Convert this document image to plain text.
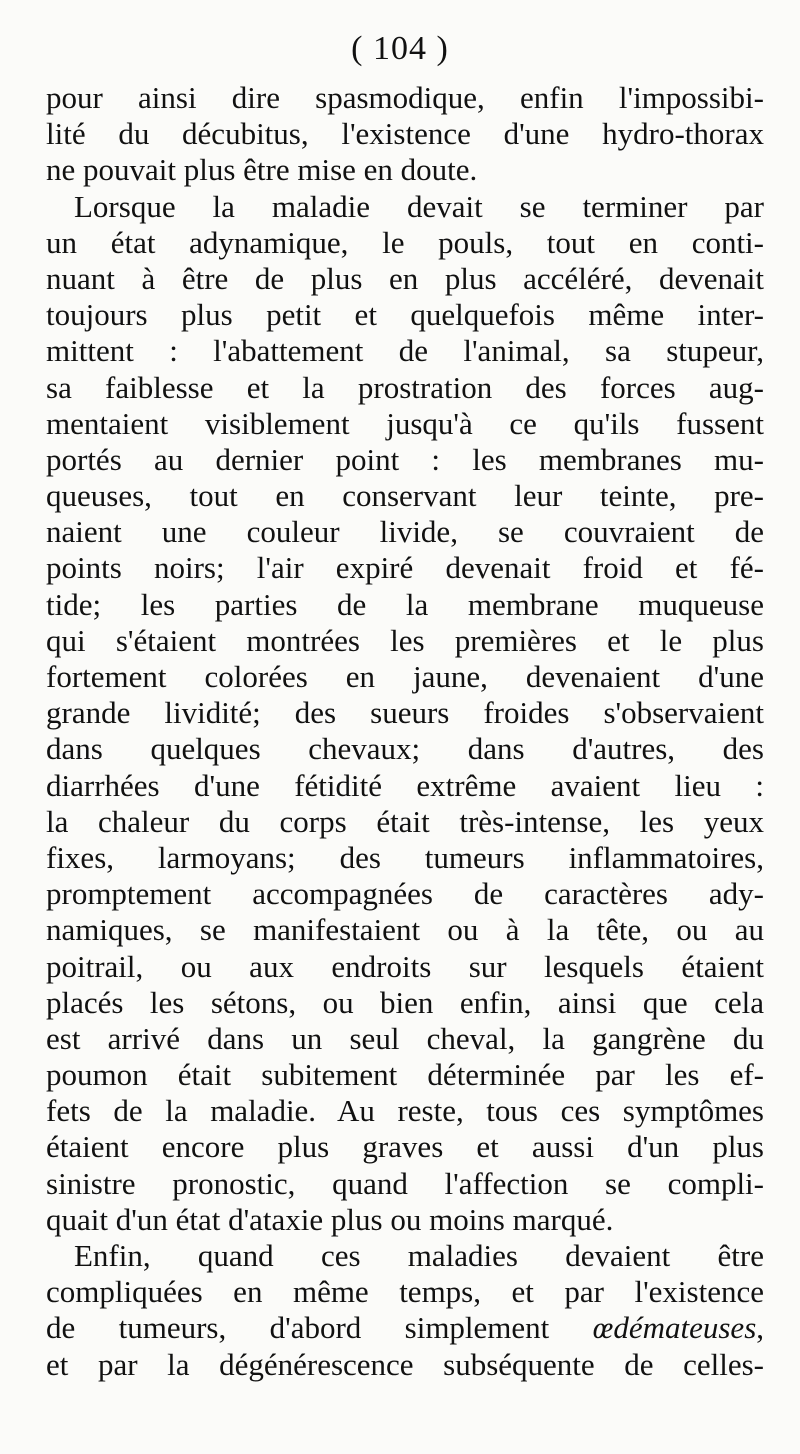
( 104 )
pour ainsi dire spasmodique, enfin l'impossibi-
lité du décubitus, l'existence d'une hydro-thorax
ne pouvait plus être mise en doute.
Lorsque la maladie devait se terminer par
un état adynamique, le pouls, tout en conti-
nuant à être de plus en plus accéléré, devenait
toujours plus petit et quelquefois même inter-
mittent : l'abattement de l'animal, sa stupeur,
sa faiblesse et la prostration des forces aug-
mentaient visiblement jusqu'à ce qu'ils fussent
portés au dernier point : les membranes mu-
queuses, tout en conservant leur teinte, pre-
naient une couleur livide, se couvraient de
points noirs; l'air expiré devenait froid et fé-
tide; les parties de la membrane muqueuse
qui s'étaient montrées les premières et le plus
fortement colorées en jaune, devenaient d'une
grande lividité; des sueurs froides s'observaient
dans quelques chevaux; dans d'autres, des
diarrhées d'une fétidité extrême avaient lieu :
la chaleur du corps était très-intense, les yeux
fixes, larmoyans; des tumeurs inflammatoires,
promptement accompagnées de caractères ady-
namiques, se manifestaient ou à la tête, ou au
poitrail, ou aux endroits sur lesquels étaient
placés les sétons, ou bien enfin, ainsi que cela
est arrivé dans un seul cheval, la gangrène du
poumon était subitement déterminée par les ef-
fets de la maladie. Au reste, tous ces symptômes
étaient encore plus graves et aussi d'un plus
sinistre pronostic, quand l'affection se compli-
quait d'un état d'ataxie plus ou moins marqué.
Enfin, quand ces maladies devaient être
compliquées en même temps, et par l'existence
de tumeurs, d'abord simplement œdémateuses,
et par la dégénérescence subséquente de celles-
